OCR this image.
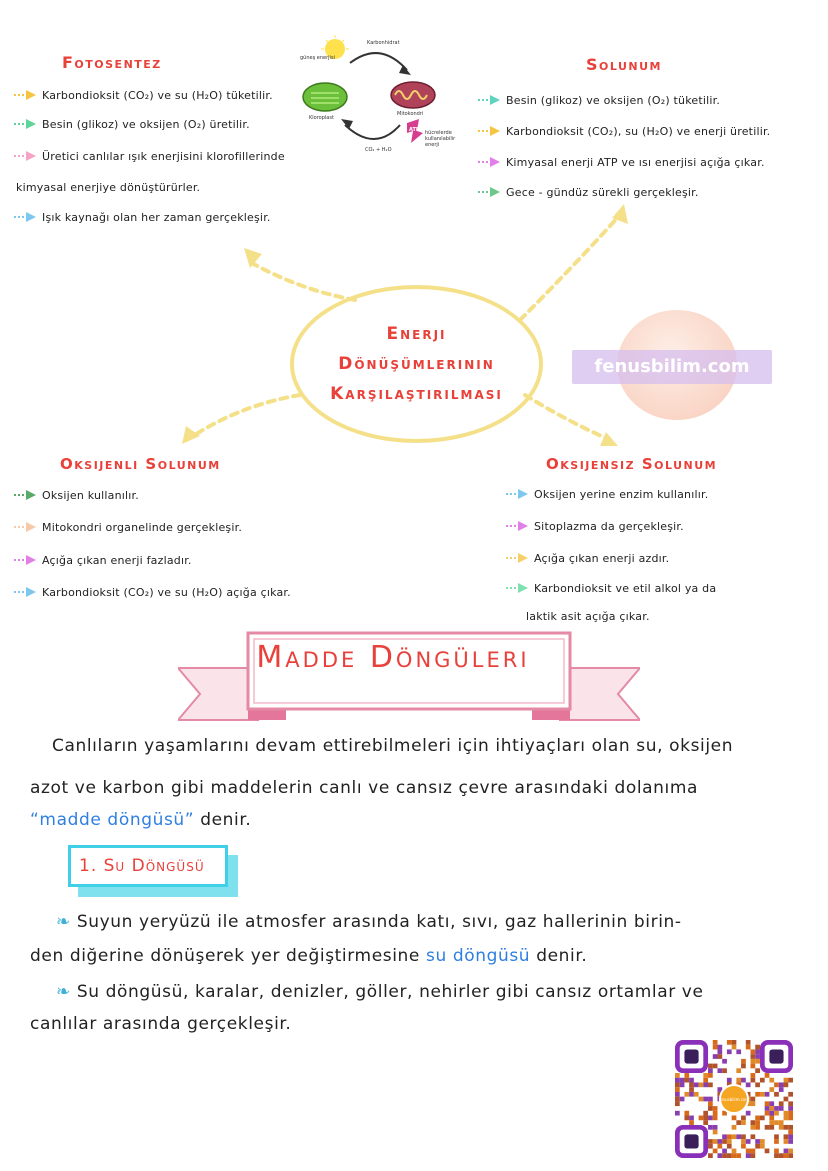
Fotosentez
Karbondioksit (CO₂) ve su (H₂O) tüketilir.
Besin (glikoz) ve oksijen (O₂) üretilir.
Üretici canlılar ışık enerjisini klorofillerinde
kimyasal enerjiye dönüştürürler.
Işık kaynağı olan her zaman gerçekleşir.
güneş enerjisi
Karbonhidrat
Kloroplast
Mitokondri
CO₂ + H₂O
ATP hücrelerde kullanılabilir enerji
Solunum
Besin (glikoz) ve oksijen (O₂) tüketilir.
Karbondioksit (CO₂), su (H₂O) ve enerji üretilir.
Kimyasal enerji ATP ve ısı enerjisi açığa çıkar.
Gece - gündüz sürekli gerçekleşir.
Enerji
Dönüşümlerinin
Karşılaştırılması
fenusbilim.com
Oksijenli Solunum
Oksijen kullanılır.
Mitokondri organelinde gerçekleşir.
Açığa çıkan enerji fazladır.
Karbondioksit (CO₂) ve su (H₂O) açığa çıkar.
Oksijensiz Solunum
Oksijen yerine enzim kullanılır.
Sitoplazma da gerçekleşir.
Açığa çıkan enerji azdır.
Karbondioksit ve etil alkol ya da
laktik asit açığa çıkar.
Madde Döngüleri
Canlıların yaşamlarını devam ettirebilmeleri için ihtiyaçları olan su, oksijen
azot ve karbon gibi maddelerin canlı ve cansız çevre arasındaki dolanıma
“madde döngüsü” denir.
1. Su Döngüsü
❧ Suyun yeryüzü ile atmosfer arasında katı, sıvı, gaz hallerinin birin-
den diğerine dönüşerek yer değiştirmesine su döngüsü denir.
❧ Su döngüsü, karalar, denizler, göller, nehirler gibi cansız ortamlar ve
canlılar arasında gerçekleşir.
fenusbilim.com
